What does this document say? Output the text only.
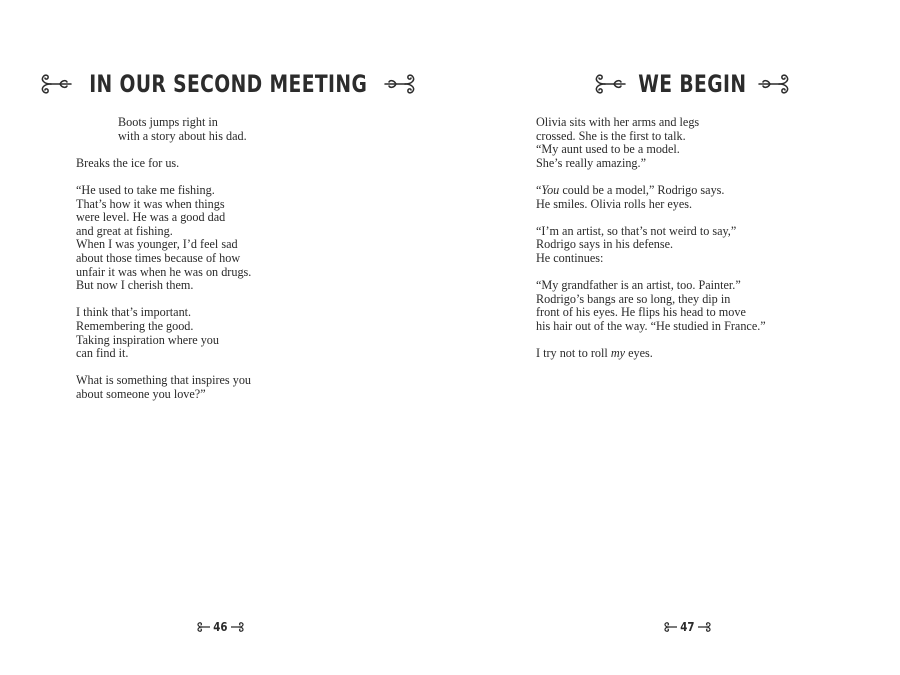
IN OUR SECOND MEETING

Boots jumps right in
with a story about his dad.

Breaks the ice for us.

“He used to take me fishing.
That’s how it was when things
were level. He was a good dad
and great at fishing.
When I was younger, I’d feel sad
about those times because of how
unfair it was when he was on drugs.
But now I cherish them.

I think that’s important.
Remembering the good.
Taking inspiration where you
can find it.

What is something that inspires you
about someone you love?”

46
WE BEGIN

Olivia sits with her arms and legs
crossed. She is the first to talk.
“My aunt used to be a model.
She’s really amazing.”

“You could be a model,” Rodrigo says.
He smiles. Olivia rolls her eyes.

“I’m an artist, so that’s not weird to say,”
Rodrigo says in his defense.
He continues:

“My grandfather is an artist, too. Painter.”
Rodrigo’s bangs are so long, they dip in
front of his eyes. He flips his head to move
his hair out of the way. “He studied in France.”

I try not to roll my eyes.

47
